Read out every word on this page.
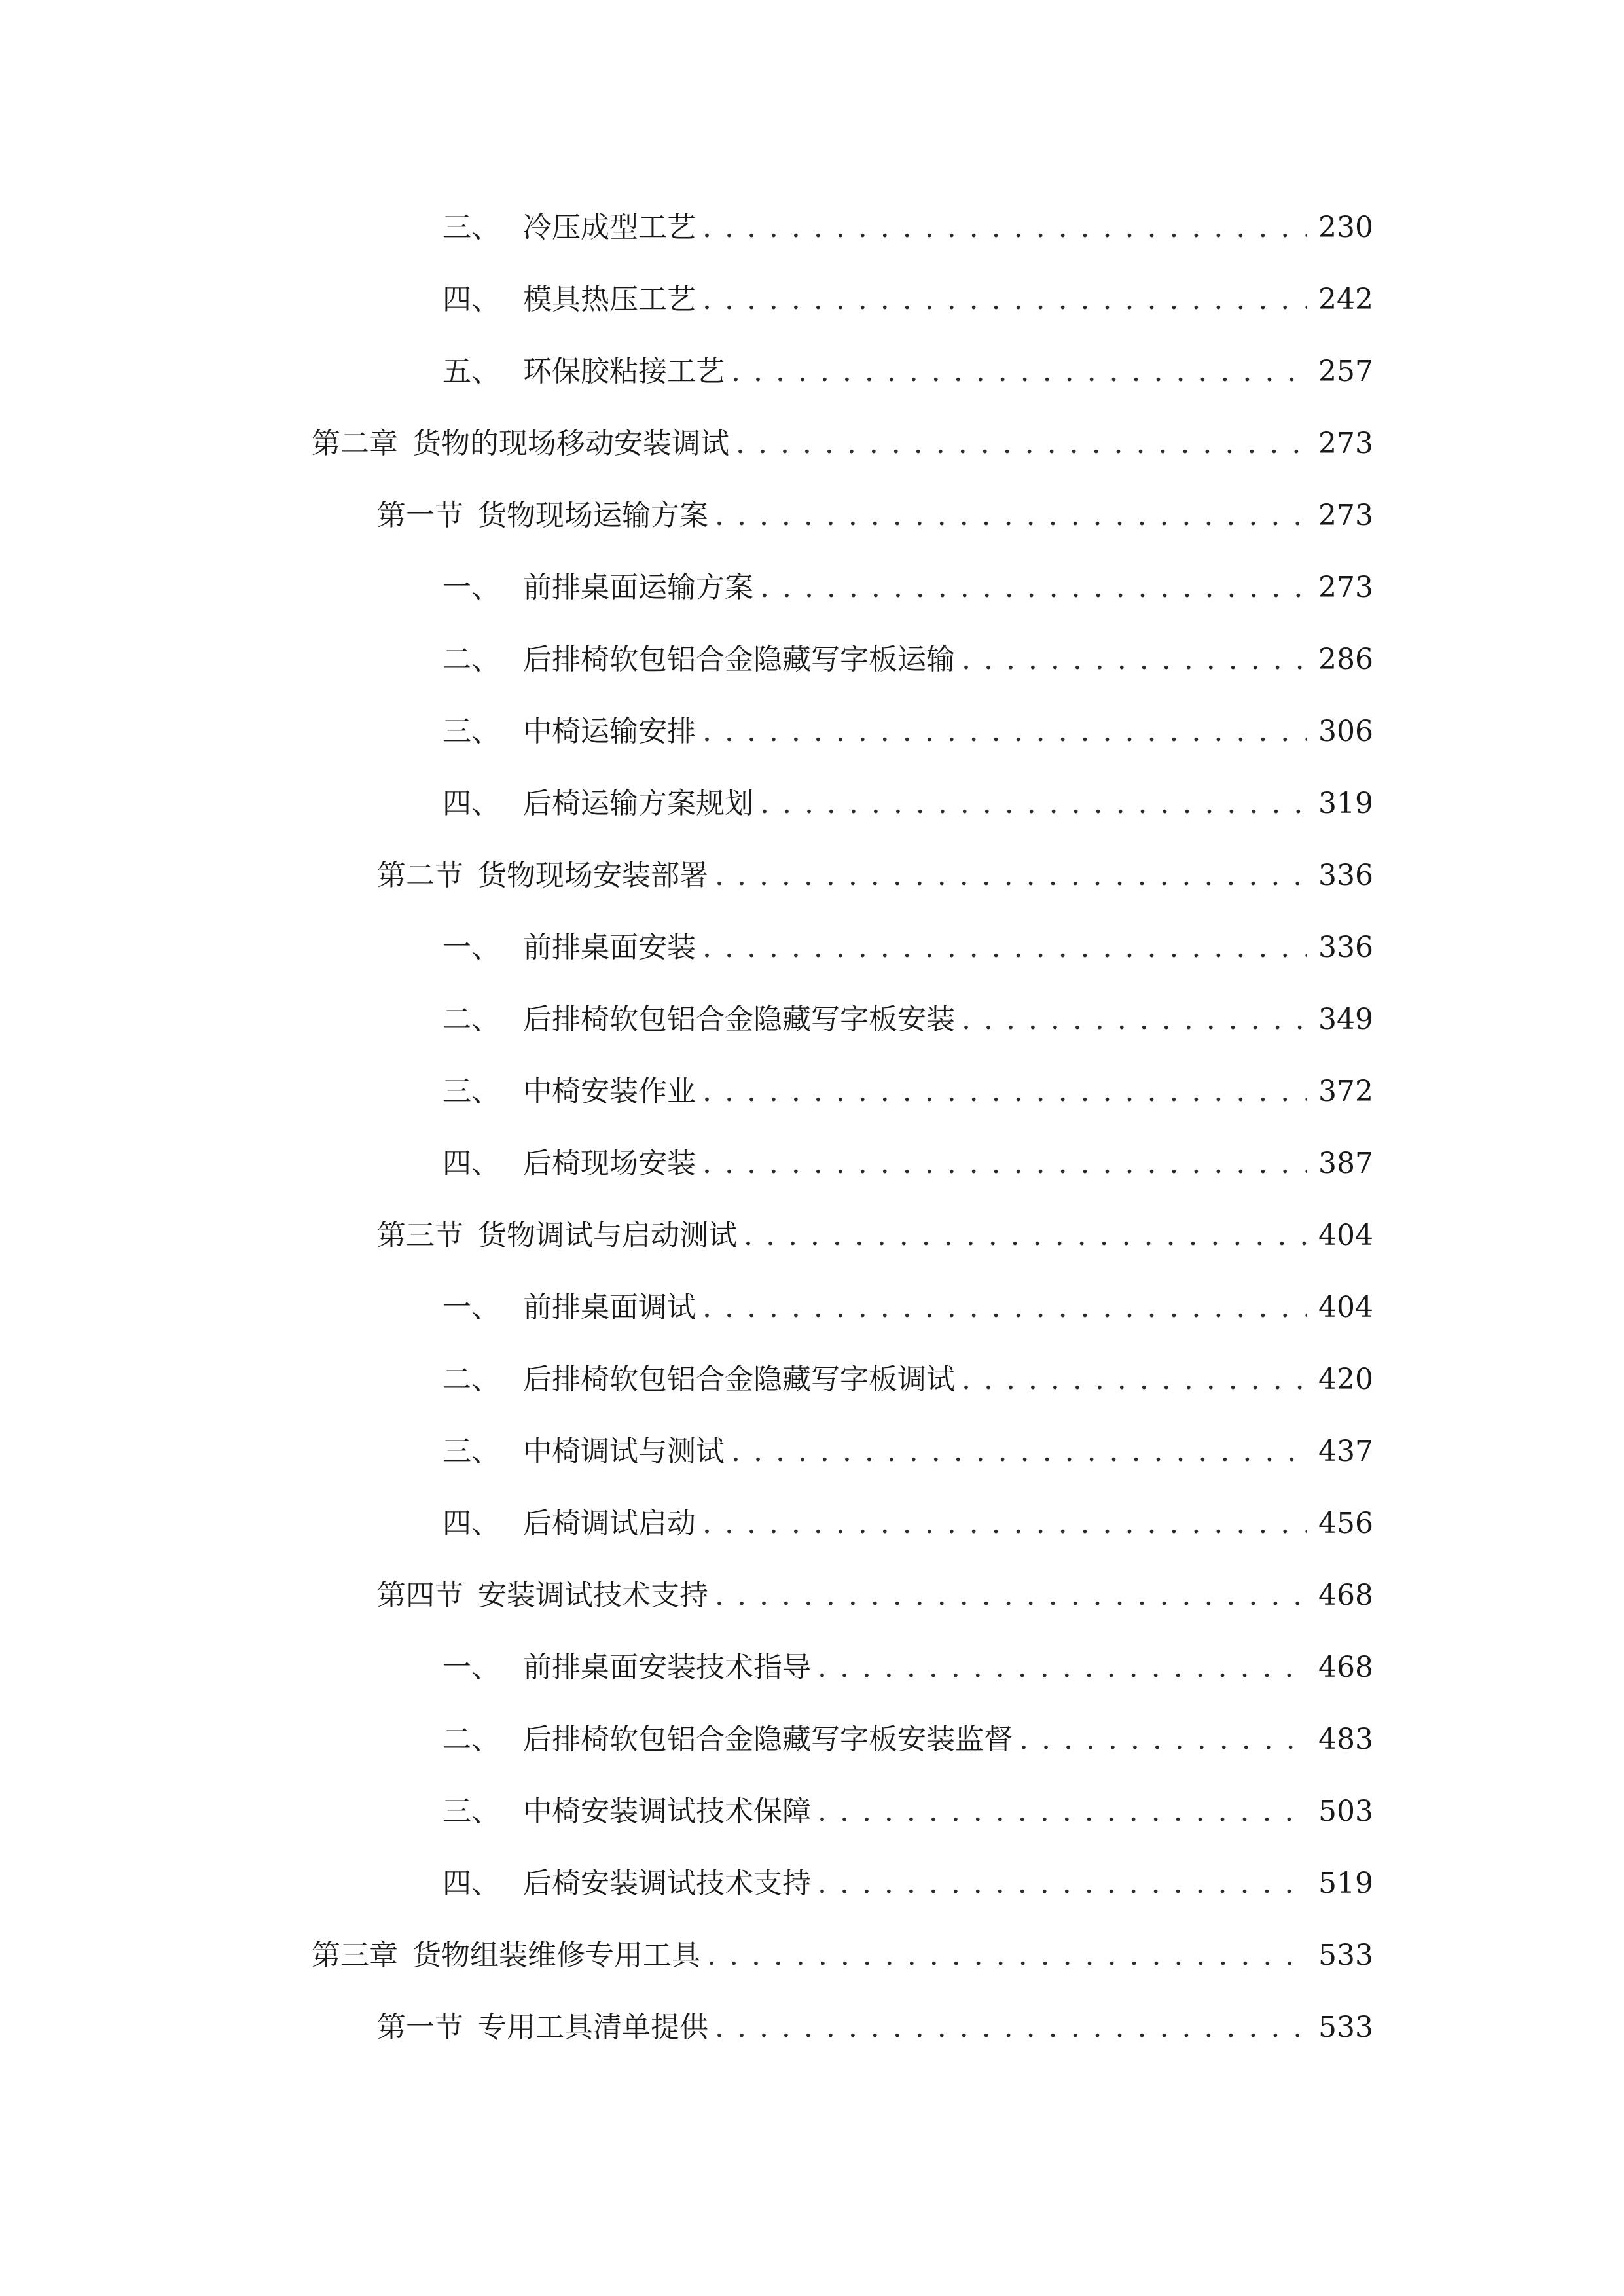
三、 冷压成型工艺 . . .	230
四、 模具热压工艺 . . .	242
五、 环保胶粘接工艺 . . .	257
第二章 货物的现场移动安装调试 . . .	273
第一节 货物现场运输方案 . . .	273
一、 前排桌面运输方案 . . .	273
二、 后排椅软包铝合金隐藏写字板运输 . . .	286
三、 中椅运输安排 . . .	306
四、 后椅运输方案规划 . . .	319
第二节 货物现场安装部署 . . .	336
一、 前排桌面安装 . . .	336
二、 后排椅软包铝合金隐藏写字板安装 . . .	349
三、 中椅安装作业 . . .	372
四、 后椅现场安装 . . .	387
第三节 货物调试与启动测试 . . .	404
一、 前排桌面调试 . . .	404
二、 后排椅软包铝合金隐藏写字板调试 . . .	420
三、 中椅调试与测试 . . .	437
四、 后椅调试启动 . . .	456
第四节 安装调试技术支持 . . .	468
一、 前排桌面安装技术指导 . . .	468
二、 后排椅软包铝合金隐藏写字板安装监督 . . .	483
三、 中椅安装调试技术保障 . . .	503
四、 后椅安装调试技术支持 . . .	519
第三章 货物组装维修专用工具 . . .	533
第一节 专用工具清单提供 . . .	533
